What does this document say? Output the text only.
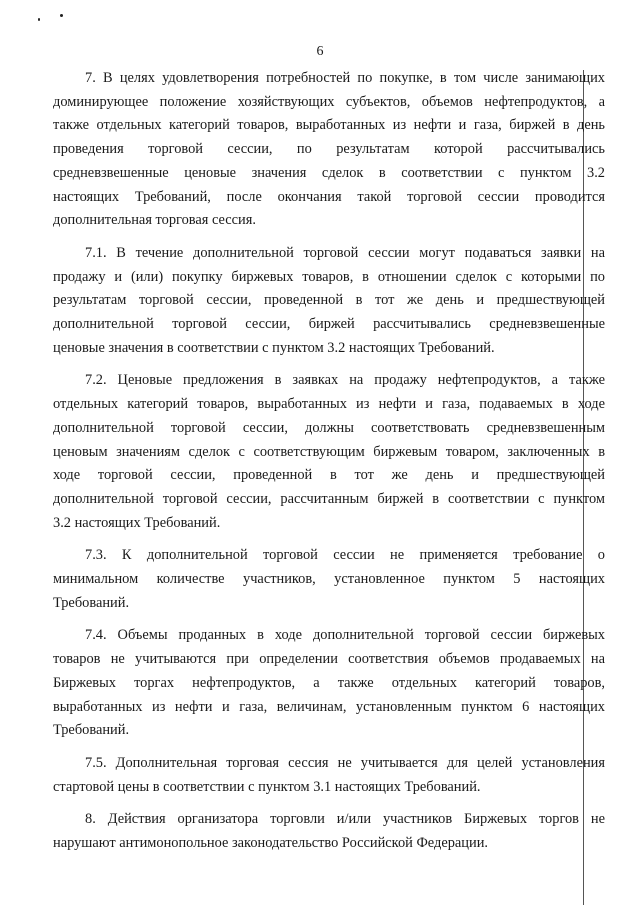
6
7. В целях удовлетворения потребностей по покупке, в том числе занимающих
доминирующее положение хозяйствующих субъектов, объемов нефтепродуктов, а
также отдельных категорий товаров, выработанных из нефти и газа, биржей в день
проведения торговой сессии, по результатам которой рассчитывались
средневзвешенные ценовые значения сделок в соответствии с пунктом 3.2
настоящих Требований, после окончания такой торговой сессии проводится
дополнительная торговая сессия.
7.1. В течение дополнительной торговой сессии могут подаваться заявки на
продажу и (или) покупку биржевых товаров, в отношении сделок с которыми по
результатам торговой сессии, проведенной в тот же день и предшествующей
дополнительной торговой сессии, биржей рассчитывались средневзвешенные
ценовые значения в соответствии с пунктом 3.2 настоящих Требований.
7.2. Ценовые предложения в заявках на продажу нефтепродуктов, а также
отдельных категорий товаров, выработанных из нефти и газа, подаваемых в ходе
дополнительной торговой сессии, должны соответствовать средневзвешенным
ценовым значениям сделок с соответствующим биржевым товаром, заключенных в
ходе торговой сессии, проведенной в тот же день и предшествующей
дополнительной торговой сессии, рассчитанным биржей в соответствии с пунктом
3.2 настоящих Требований.
7.3. К дополнительной торговой сессии не применяется требование о
минимальном количестве участников, установленное пунктом 5 настоящих
Требований.
7.4. Объемы проданных в ходе дополнительной торговой сессии биржевых
товаров не учитываются при определении соответствия объемов продаваемых на
Биржевых торгах нефтепродуктов, а также отдельных категорий товаров,
выработанных из нефти и газа, величинам, установленным пунктом 6 настоящих
Требований.
7.5. Дополнительная торговая сессия не учитывается для целей установления
стартовой цены в соответствии с пунктом 3.1 настоящих Требований.
8. Действия организатора торговли и/или участников Биржевых торгов не
нарушают антимонопольное законодательство Российской Федерации.
